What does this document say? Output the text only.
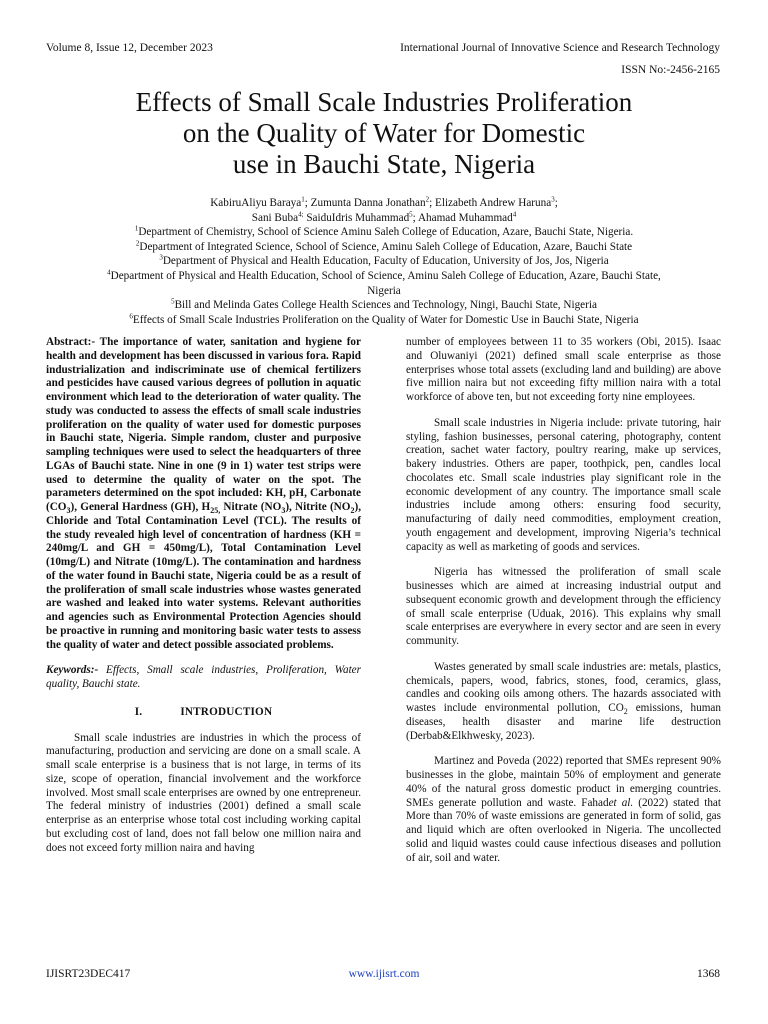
Volume 8, Issue 12, December 2023	International Journal of Innovative Science and Research Technology
ISSN No:-2456-2165
Effects of Small Scale Industries Proliferation
on the Quality of Water for Domestic
use in Bauchi State, Nigeria
KabiruAliyu Baraya$^1$; Zumunta Danna Jonathan$^2$; Elizabeth Andrew Haruna$^3$;
Sani Buba$^{4;}$ SaiduIdris Muhammad$^5$; Ahamad Muhammad$^4$
$^1$Department of Chemistry, School of Science Aminu Saleh College of Education, Azare, Bauchi State, Nigeria.
$^2$Department of Integrated Science, School of Science, Aminu Saleh College of Education, Azare, Bauchi State
$^3$Department of Physical and Health Education, Faculty of Education, University of Jos, Jos, Nigeria
$^4$Department of Physical and Health Education, School of Science, Aminu Saleh College of Education, Azare, Bauchi State,
Nigeria
$^5$Bill and Melinda Gates College Health Sciences and Technology, Ningi, Bauchi State, Nigeria
$^6$Effects of Small Scale Industries Proliferation on the Quality of Water for Domestic Use in Bauchi State, Nigeria

Abstract:- The importance of water, sanitation and hygiene for health and development has been discussed in various fora. Rapid industrialization and indiscriminate use of chemical fertilizers and pesticides have caused various degrees of pollution in aquatic environment which lead to the deterioration of water quality. The study was conducted to assess the effects of small scale industries proliferation on the quality of water used for domestic purposes in Bauchi state, Nigeria. Simple random, cluster and purposive sampling techniques were used to select the headquarters of three LGAs of Bauchi state. Nine in one (9 in 1) water test strips were used to determine the quality of water on the spot. The parameters determined on the spot included: KH, pH, Carbonate $(CO_3)$, General Hardness (GH), $H_{25,}$ Nitrate $(NO_3)$, Nitrite $(NO_2)$, Chloride and Total Contamination Level (TCL). The results of the study revealed high level of concentration of hardness (KH = 240mg/L and GH = 450mg/L), Total Contamination Level (10mg/L) and Nitrate (10mg/L). The contamination and hardness of the water found in Bauchi state, Nigeria could be as a result of the proliferation of small scale industries whose wastes generated are washed and leaked into water systems. Relevant authorities and agencies such as Environmental Protection Agencies should be proactive in running and monitoring basic water tests to assess the quality of water and detect possible associated problems.

Keywords:- Effects, Small scale industries, Proliferation, Water quality, Bauchi state.

I.	INTRODUCTION

Small scale industries are industries in which the process of manufacturing, production and servicing are done on a small scale. A small scale enterprise is a business that is not large, in terms of its size, scope of operation, financial involvement and the workforce involved. Most small scale enterprises are owned by one entrepreneur. The federal ministry of industries (2001) defined a small scale enterprise as an enterprise whose total cost including working capital but excluding cost of land, does not fall below one million naira and does not exceed forty million naira and having

number of employees between 11 to 35 workers (Obi, 2015). Isaac and Oluwaniyi (2021) defined small scale enterprise as those enterprises whose total assets (excluding land and building) are above five million naira but not exceeding fifty million naira with a total workforce of above ten, but not exceeding forty nine employees.

Small scale industries in Nigeria include: private tutoring, hair styling, fashion businesses, personal catering, photography, content creation, sachet water factory, poultry rearing, make up services, bakery industries. Others are paper, toothpick, pen, candles local chocolates etc. Small scale industries play significant role in the economic development of any country. The importance small scale industries include among others: ensuring food security, manufacturing of daily need commodities, employment creation, youth engagement and development, improving Nigeria’s technical capacity as well as marketing of goods and services.

Nigeria has witnessed the proliferation of small scale businesses which are aimed at increasing industrial output and subsequent economic growth and development through the efficiency of small scale enterprise (Uduak, 2016). This explains why small scale enterprises are everywhere in every sector and are seen in every community.

Wastes generated by small scale industries are: metals, plastics, chemicals, papers, wood, fabrics, stones, food, ceramics, glass, candles and cooking oils among others. The hazards associated with wastes include environmental pollution, $CO_2$ emissions, human diseases, health disaster and marine life destruction (Derbab&Elkhwesky, 2023).

Martinez and Poveda (2022) reported that SMEs represent 90% businesses in the globe, maintain 50% of employment and generate 40% of the natural gross domestic product in emerging countries. SMEs generate pollution and waste. Fahadet al. (2022) stated that More than 70% of waste emissions are generated in form of solid, gas and liquid which are often overlooked in Nigeria. The uncollected solid and liquid wastes could cause infectious diseases and pollution of air, soil and water.

IJISRT23DEC417	www.ijisrt.com	1368
